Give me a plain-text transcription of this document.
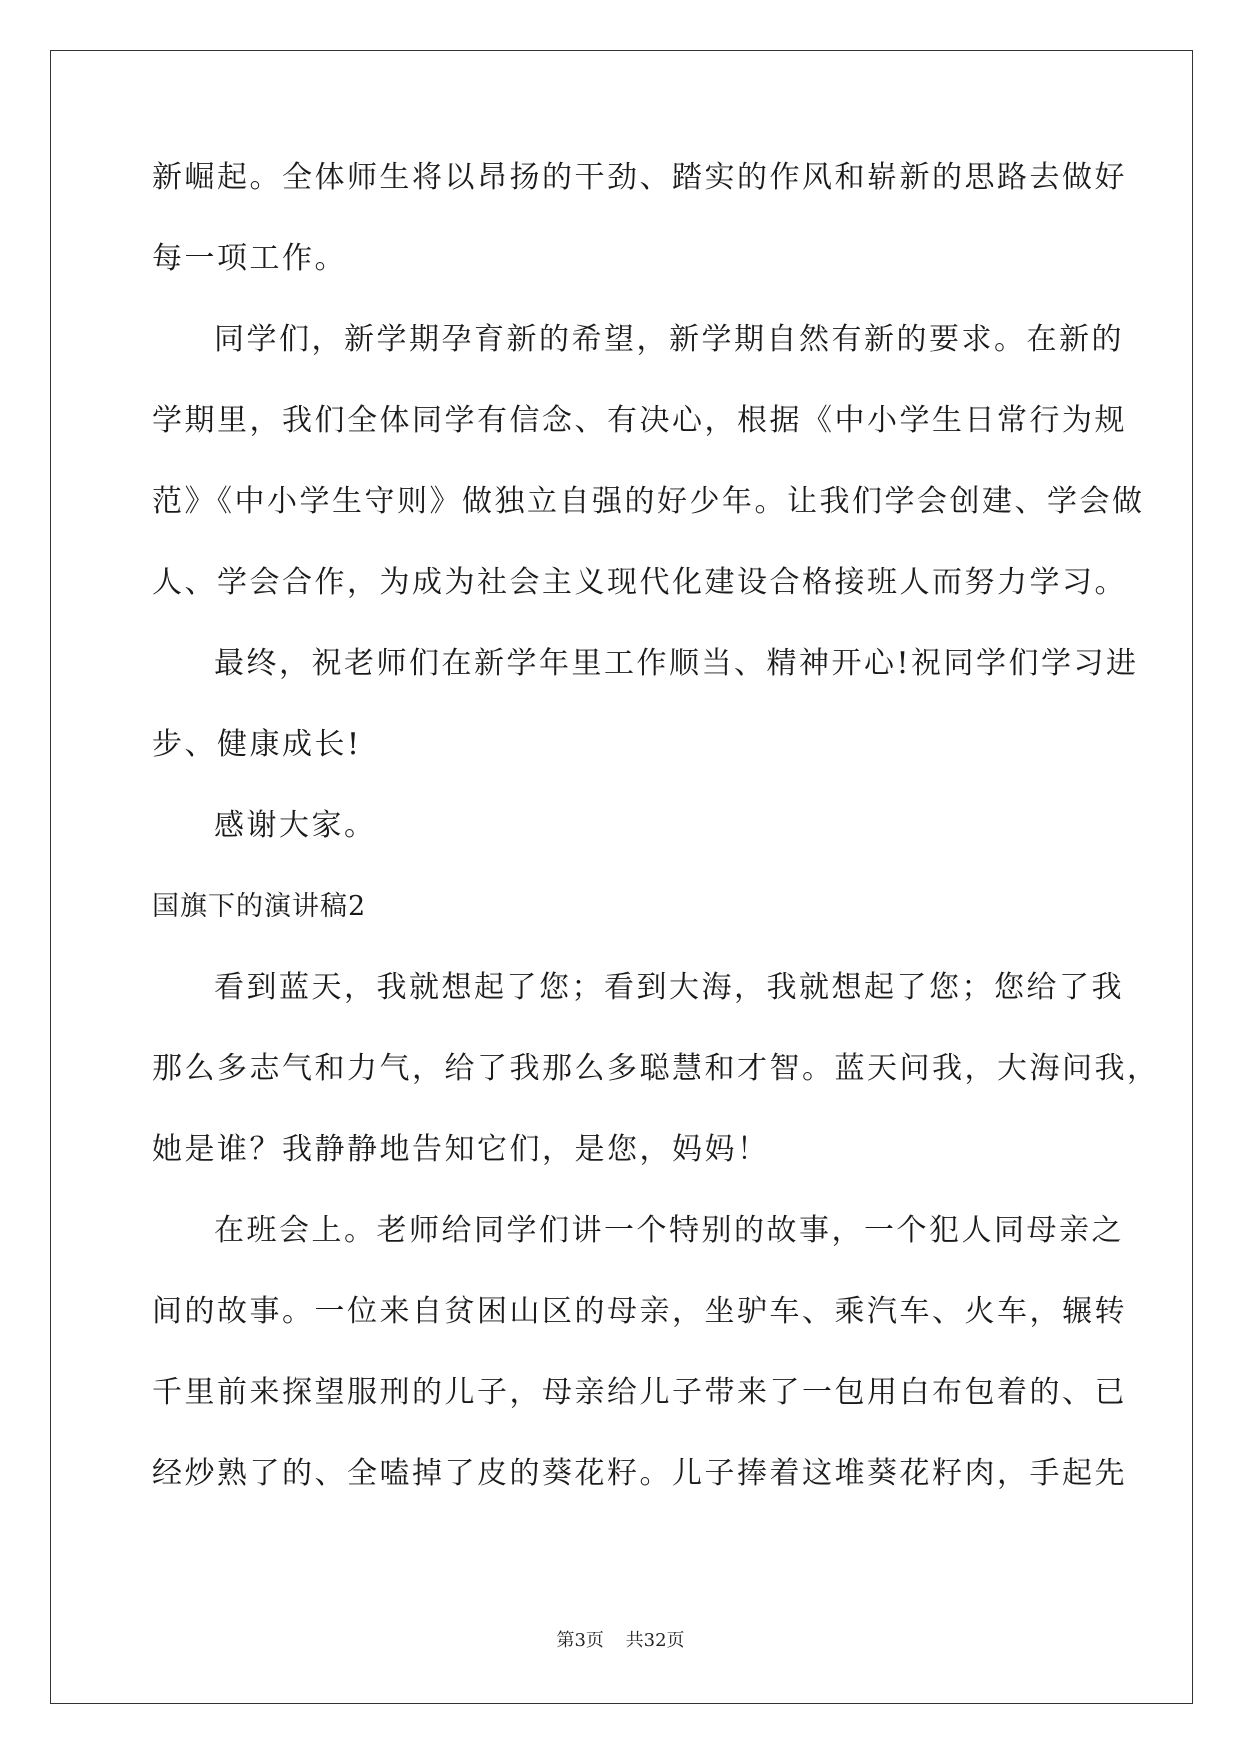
新崛起。全体师生将以昂扬的干劲、踏实的作风和崭新的思路去做好
每一项工作。
同学们，新学期孕育新的希望，新学期自然有新的要求。在新的
学期里，我们全体同学有信念、有决心，根据《中小学生日常行为规
范》《中小学生守则》做独立自强的好少年。让我们学会创建、学会做
人、学会合作，为成为社会主义现代化建设合格接班人而努力学习。
最终，祝老师们在新学年里工作顺当、精神开心!祝同学们学习进
步、健康成长!
感谢大家。
国旗下的演讲稿2
看到蓝天，我就想起了您；看到大海，我就想起了您；您给了我
那么多志气和力气，给了我那么多聪慧和才智。蓝天问我，大海问我，
她是谁？我静静地告知它们，是您，妈妈！
在班会上。老师给同学们讲一个特别的故事，一个犯人同母亲之
间的故事。一位来自贫困山区的母亲，坐驴车、乘汽车、火车，辗转
千里前来探望服刑的儿子，母亲给儿子带来了一包用白布包着的、已
经炒熟了的、全嗑掉了皮的葵花籽。儿子捧着这堆葵花籽肉，手起先
第3页 共32页
